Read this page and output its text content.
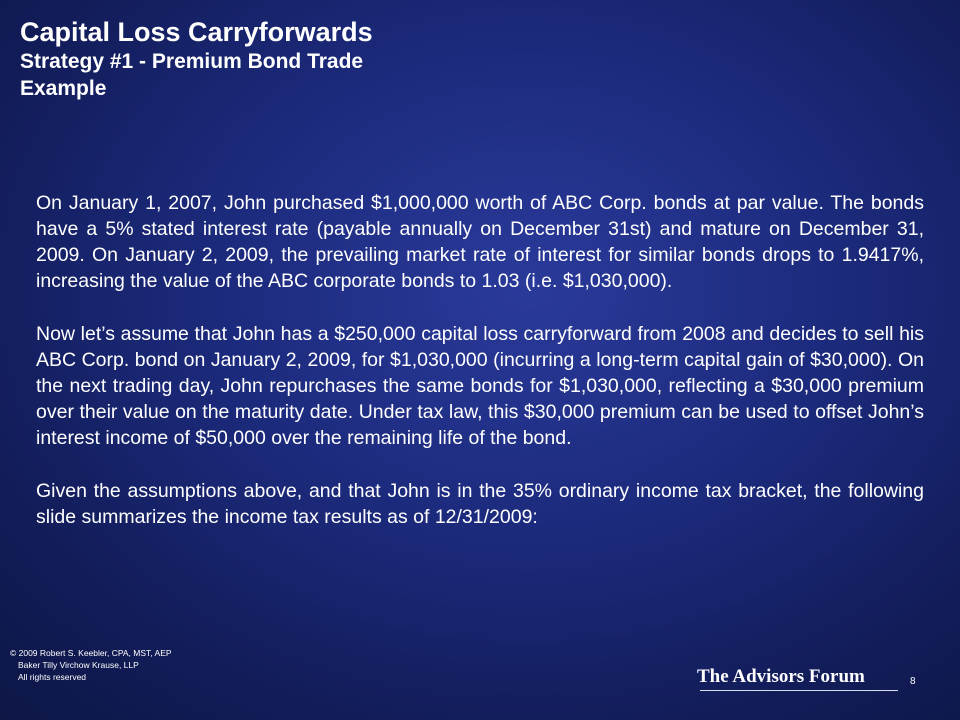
Capital Loss Carryforwards
Strategy #1 - Premium Bond Trade
Example

On January 1, 2007, John purchased $1,000,000 worth of ABC Corp. bonds at par value. The bonds have a 5% stated interest rate (payable annually on December 31st) and mature on December 31, 2009. On January 2, 2009, the prevailing market rate of interest for similar bonds drops to 1.9417%, increasing the value of the ABC corporate bonds to 1.03 (i.e. $1,030,000).

Now let’s assume that John has a $250,000 capital loss carryforward from 2008 and decides to sell his ABC Corp. bond on January 2, 2009, for $1,030,000 (incurring a long-term capital gain of $30,000). On the next trading day, John repurchases the same bonds for $1,030,000, reflecting a $30,000 premium over their value on the maturity date. Under tax law, this $30,000 premium can be used to offset John’s interest income of $50,000 over the remaining life of the bond.

Given the assumptions above, and that John is in the 35% ordinary income tax bracket, the following slide summarizes the income tax results as of 12/31/2009:

© 2009 Robert S. Keebler, CPA, MST, AEP
Baker Tilly Virchow Krause, LLP
All rights reserved	The Advisors Forum	8
